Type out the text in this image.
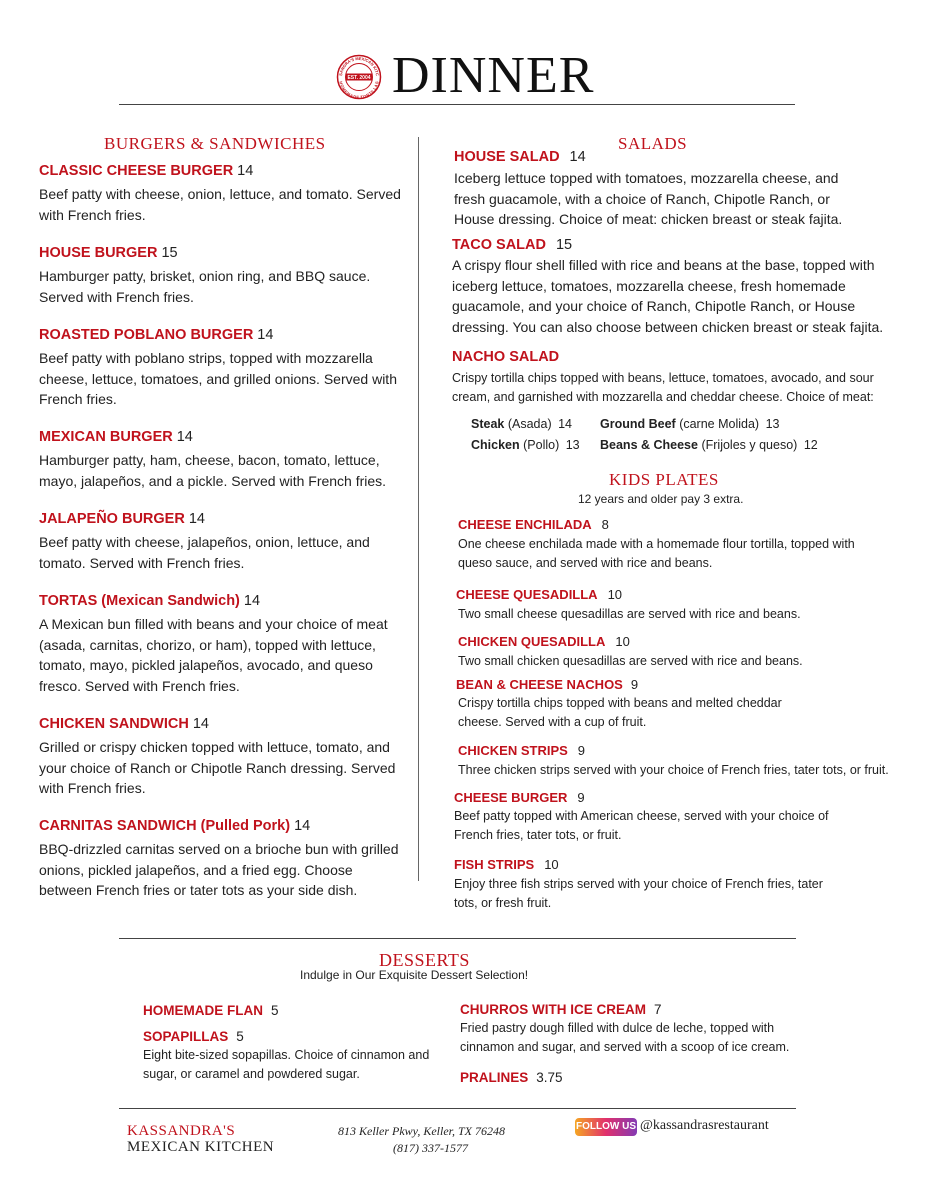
SANDRA'S MEXICAN KITC
HOMEMADE TORTILLAS
EST. 2004 DINNER
BURGERS & SANDWICHES
CLASSIC CHEESE BURGER 14
Beef patty with cheese, onion, lettuce, and tomato. Served with French fries.
HOUSE BURGER 15
Hamburger patty, brisket, onion ring, and BBQ sauce. Served with French fries.
ROASTED POBLANO BURGER 14
Beef patty with poblano strips, topped with mozzarella cheese, lettuce, tomatoes, and grilled onions. Served with French fries.
MEXICAN BURGER 14
Hamburger patty, ham, cheese, bacon, tomato, lettuce, mayo, jalapeños, and a pickle. Served with French fries.
JALAPEÑO BURGER 14
Beef patty with cheese, jalapeños, onion, lettuce, and tomato. Served with French fries.
TORTAS (Mexican Sandwich) 14
A Mexican bun filled with beans and your choice of meat (asada, carnitas, chorizo, or ham), topped with lettuce, tomato, mayo, pickled jalapeños, avocado, and queso fresco. Served with French fries.
CHICKEN SANDWICH 14
Grilled or crispy chicken topped with lettuce, tomato, and your choice of Ranch or Chipotle Ranch dressing. Served with French fries.
CARNITAS SANDWICH (Pulled Pork) 14
BBQ-drizzled carnitas served on a brioche bun with grilled onions, pickled jalapeños, and a fried egg. Choose between French fries or tater tots as your side dish.
SALADS
HOUSE SALAD 14
Iceberg lettuce topped with tomatoes, mozzarella cheese, and fresh guacamole, with a choice of Ranch, Chipotle Ranch, or House dressing. Choice of meat: chicken breast or steak fajita.
TACO SALAD 15
A crispy flour shell filled with rice and beans at the base, topped with iceberg lettuce, tomatoes, mozzarella cheese, fresh homemade guacamole, and your choice of Ranch, Chipotle Ranch, or House dressing. You can also choose between chicken breast or steak fajita.
NACHO SALAD
Crispy tortilla chips topped with beans, lettuce, tomatoes, avocado, and sour cream, and garnished with mozzarella and cheddar cheese. Choice of meat:
Steak (Asada) 14 Ground Beef (carne Molida) 13
Chicken (Pollo) 13 Beans & Cheese (Frijoles y queso) 12
KIDS PLATES
12 years and older pay 3 extra.
CHEESE ENCHILADA 8
One cheese enchilada made with a homemade flour tortilla, topped with queso sauce, and served with rice and beans.
CHEESE QUESADILLA 10
Two small cheese quesadillas are served with rice and beans.
CHICKEN QUESADILLA 10
Two small chicken quesadillas are served with rice and beans.
BEAN & CHEESE NACHOS 9
Crispy tortilla chips topped with beans and melted cheddar cheese. Served with a cup of fruit.
CHICKEN STRIPS 9
Three chicken strips served with your choice of French fries, tater tots, or fruit.
CHEESE BURGER 9
Beef patty topped with American cheese, served with your choice of French fries, tater tots, or fruit.
FISH STRIPS 10
Enjoy three fish strips served with your choice of French fries, tater tots, or fresh fruit.
DESSERTS
Indulge in Our Exquisite Dessert Selection!
HOMEMADE FLAN 5
SOPAPILLAS 5
Eight bite-sized sopapillas. Choice of cinnamon and sugar, or caramel and powdered sugar.
CHURROS WITH ICE CREAM 7
Fried pastry dough filled with dulce de leche, topped with cinnamon and sugar, and served with a scoop of ice cream.
PRALINES 3.75
KASSANDRA'S
MEXICAN KITCHEN
813 Keller Pkwy, Keller, TX 76248
(817) 337-1577
FOLLOW US @kassandrasrestaurant
